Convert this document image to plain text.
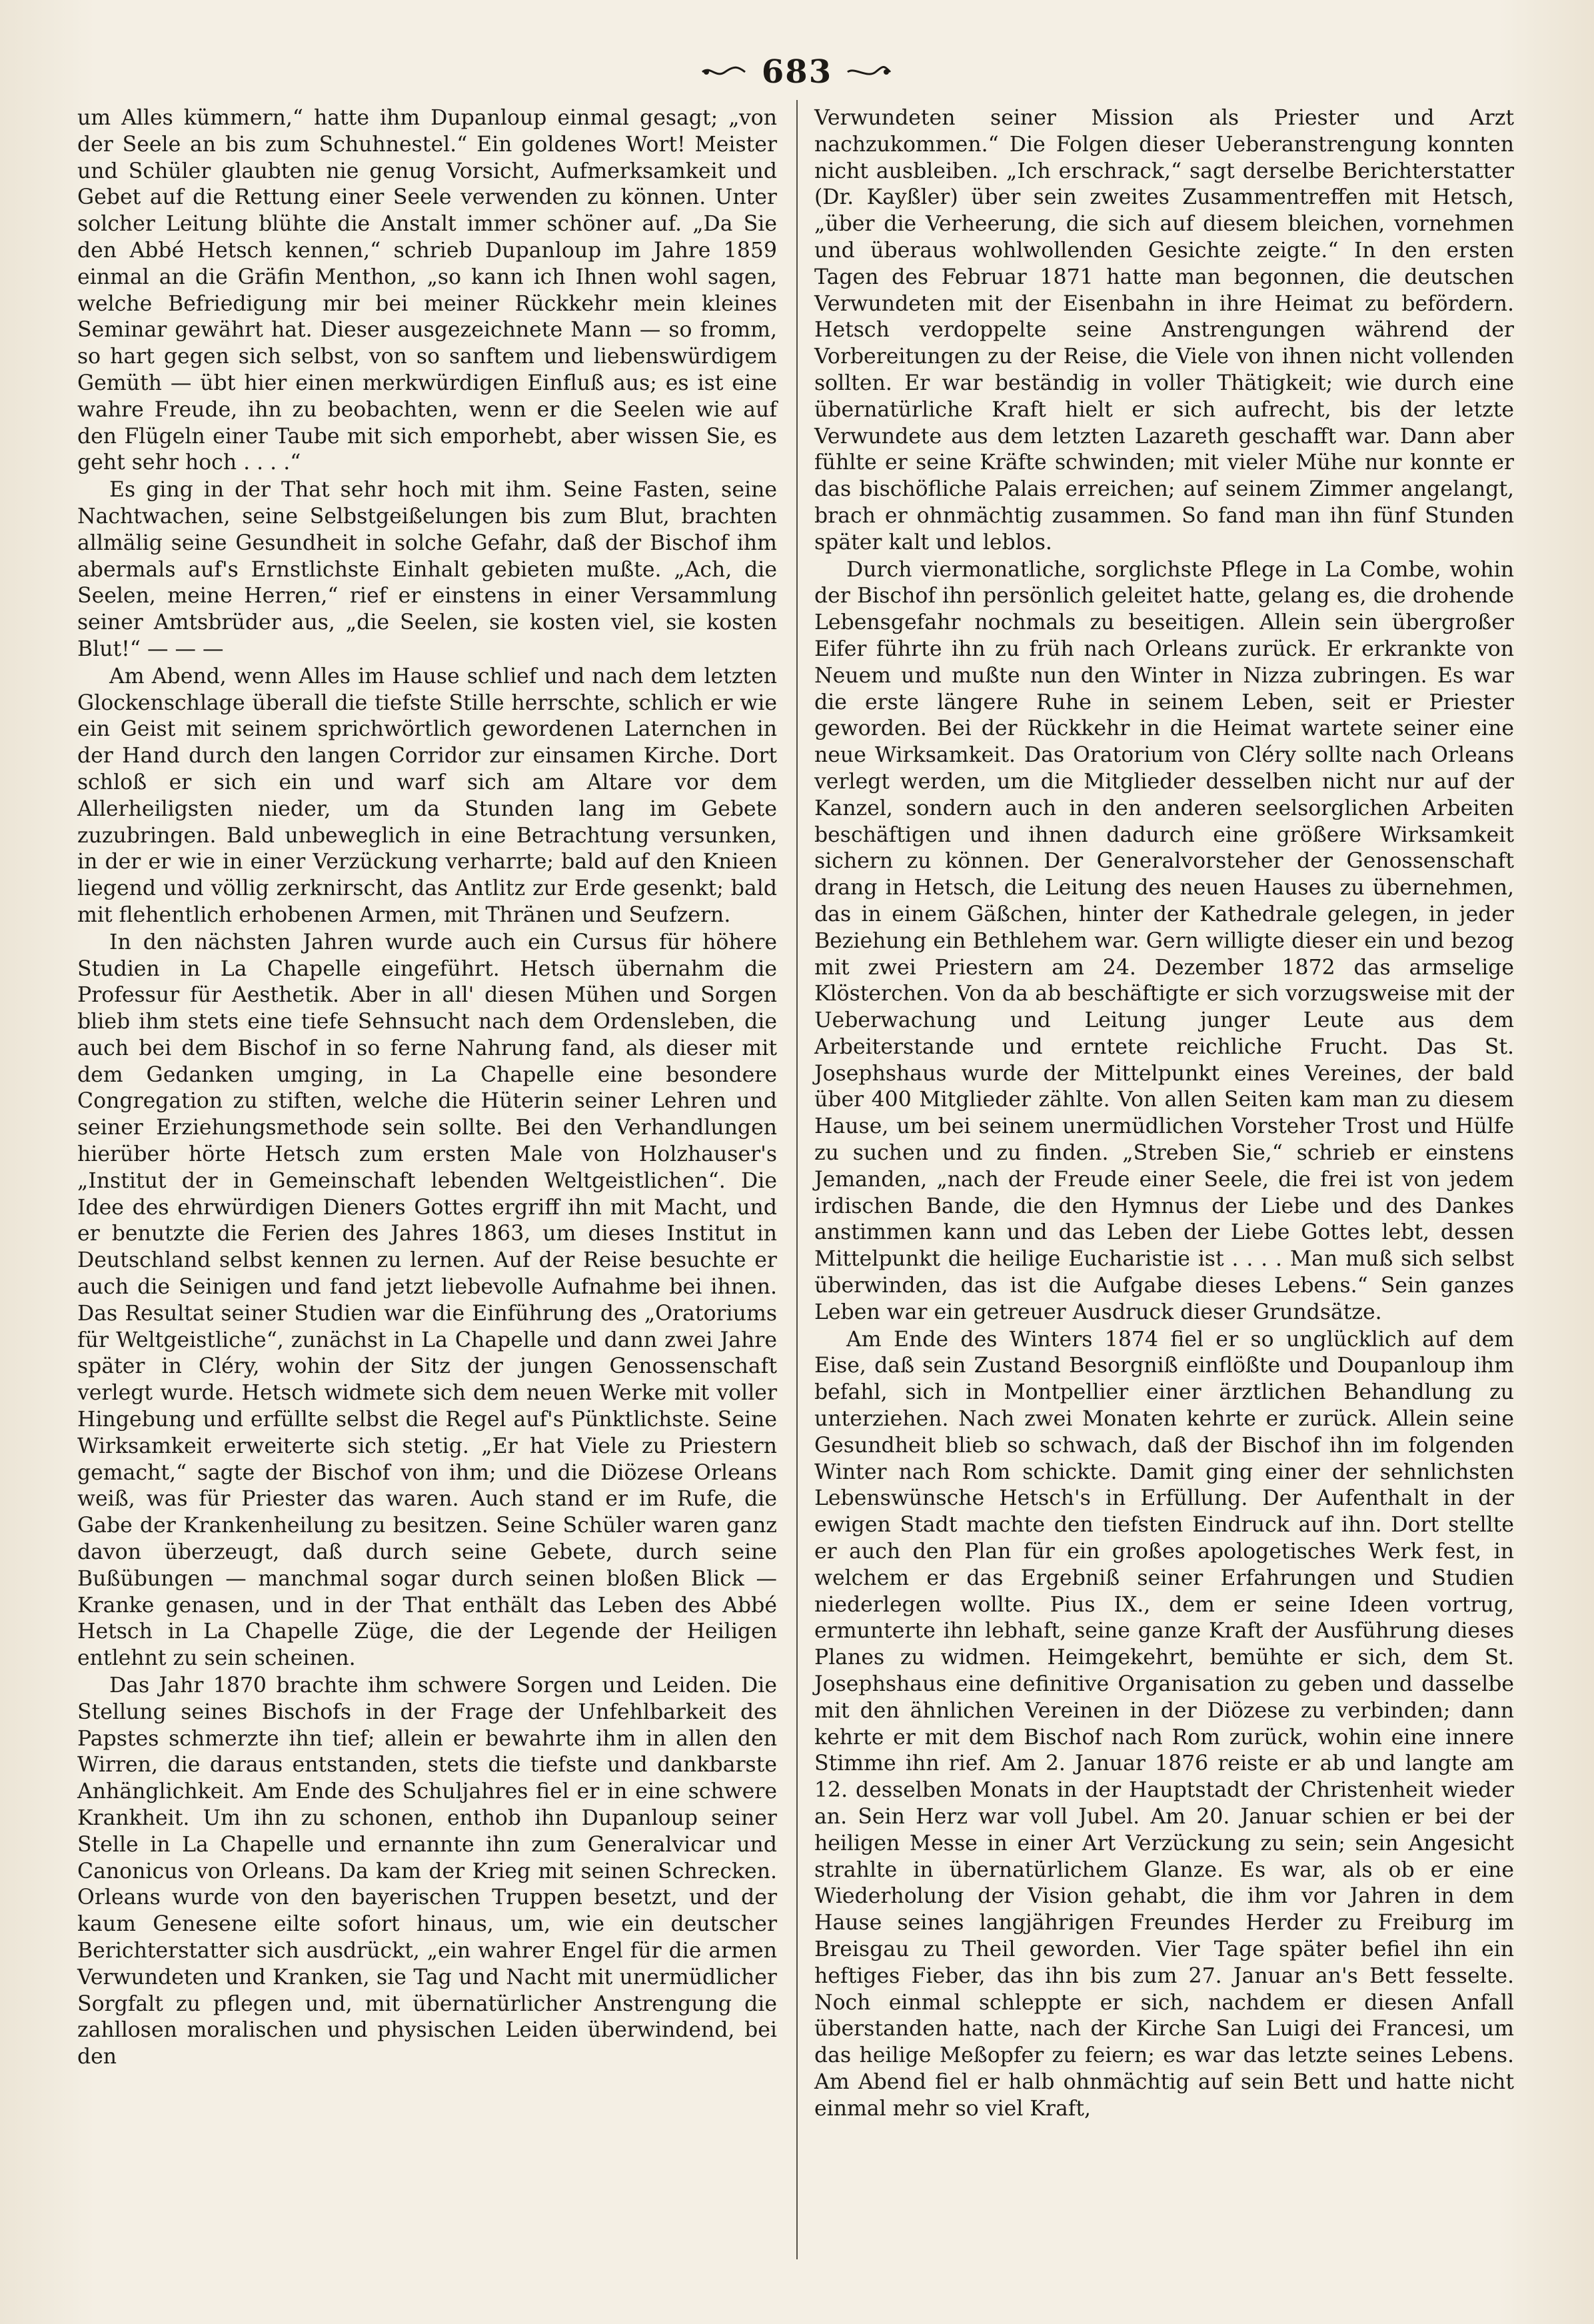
683

um Alles kümmern,“ hatte ihm Dupanloup einmal gesagt; „von der Seele an bis zum Schuhnestel.“ Ein goldenes Wort! Meister und Schüler glaubten nie genug Vorsicht, Aufmerksamkeit und Gebet auf die Rettung einer Seele verwenden zu können. Unter solcher Leitung blühte die Anstalt immer schöner auf. „Da Sie den Abbé Hetsch kennen,“ schrieb Dupanloup im Jahre 1859 einmal an die Gräfin Menthon, „so kann ich Ihnen wohl sagen, welche Befriedigung mir bei meiner Rückkehr mein kleines Seminar gewährt hat. Dieser ausgezeichnete Mann — so fromm, so hart gegen sich selbst, von so sanftem und liebenswürdigem Gemüth — übt hier einen merkwürdigen Einfluß aus; es ist eine wahre Freude, ihn zu beobachten, wenn er die Seelen wie auf den Flügeln einer Taube mit sich emporhebt, aber wissen Sie, es geht sehr hoch . . . .“

Es ging in der That sehr hoch mit ihm. Seine Fasten, seine Nachtwachen, seine Selbstgeißelungen bis zum Blut, brachten allmälig seine Gesundheit in solche Gefahr, daß der Bischof ihm abermals auf's Ernstlichste Einhalt gebieten mußte. „Ach, die Seelen, meine Herren,“ rief er einstens in einer Versammlung seiner Amtsbrüder aus, „die Seelen, sie kosten viel, sie kosten Blut!“ — — —

Am Abend, wenn Alles im Hause schlief und nach dem letzten Glockenschlage überall die tiefste Stille herrschte, schlich er wie ein Geist mit seinem sprichwörtlich gewordenen Laternchen in der Hand durch den langen Corridor zur einsamen Kirche. Dort schloß er sich ein und warf sich am Altare vor dem Allerheiligsten nieder, um da Stunden lang im Gebete zuzubringen. Bald unbeweglich in eine Betrachtung versunken, in der er wie in einer Verzückung verharrte; bald auf den Knieen liegend und völlig zerknirscht, das Antlitz zur Erde gesenkt; bald mit flehentlich erhobenen Armen, mit Thränen und Seufzern.

In den nächsten Jahren wurde auch ein Cursus für höhere Studien in La Chapelle eingeführt. Hetsch übernahm die Professur für Aesthetik. Aber in all' diesen Mühen und Sorgen blieb ihm stets eine tiefe Sehnsucht nach dem Ordensleben, die auch bei dem Bischof in so ferne Nahrung fand, als dieser mit dem Gedanken umging, in La Chapelle eine besondere Congregation zu stiften, welche die Hüterin seiner Lehren und seiner Erziehungsmethode sein sollte. Bei den Verhandlungen hierüber hörte Hetsch zum ersten Male von Holzhauser's „Institut der in Gemeinschaft lebenden Weltgeistlichen“. Die Idee des ehrwürdigen Dieners Gottes ergriff ihn mit Macht, und er benutzte die Ferien des Jahres 1863, um dieses Institut in Deutschland selbst kennen zu lernen. Auf der Reise besuchte er auch die Seinigen und fand jetzt liebevolle Aufnahme bei ihnen. Das Resultat seiner Studien war die Einführung des „Oratoriums für Weltgeistliche“, zunächst in La Chapelle und dann zwei Jahre später in Cléry, wohin der Sitz der jungen Genossenschaft verlegt wurde. Hetsch widmete sich dem neuen Werke mit voller Hingebung und erfüllte selbst die Regel auf's Pünktlichste. Seine Wirksamkeit erweiterte sich stetig. „Er hat Viele zu Priestern gemacht,“ sagte der Bischof von ihm; und die Diözese Orleans weiß, was für Priester das waren. Auch stand er im Rufe, die Gabe der Krankenheilung zu besitzen. Seine Schüler waren ganz davon überzeugt, daß durch seine Gebete, durch seine Bußübungen — manchmal sogar durch seinen bloßen Blick — Kranke genasen, und in der That enthält das Leben des Abbé Hetsch in La Chapelle Züge, die der Legende der Heiligen entlehnt zu sein scheinen.

Das Jahr 1870 brachte ihm schwere Sorgen und Leiden. Die Stellung seines Bischofs in der Frage der Unfehlbarkeit des Papstes schmerzte ihn tief; allein er bewahrte ihm in allen den Wirren, die daraus entstanden, stets die tiefste und dankbarste Anhänglichkeit. Am Ende des Schuljahres fiel er in eine schwere Krankheit. Um ihn zu schonen, enthob ihn Dupanloup seiner Stelle in La Chapelle und ernannte ihn zum Generalvicar und Canonicus von Orleans. Da kam der Krieg mit seinen Schrecken. Orleans wurde von den bayerischen Truppen besetzt, und der kaum Genesene eilte sofort hinaus, um, wie ein deutscher Berichterstatter sich ausdrückt, „ein wahrer Engel für die armen Verwundeten und Kranken, sie Tag und Nacht mit unermüdlicher Sorgfalt zu pflegen und, mit übernatürlicher Anstrengung die zahllosen moralischen und physischen Leiden überwindend, bei den

Verwundeten seiner Mission als Priester und Arzt nachzukommen.“ Die Folgen dieser Ueberanstrengung konnten nicht ausbleiben. „Ich erschrack,“ sagt derselbe Berichterstatter (Dr. Kayßler) über sein zweites Zusammentreffen mit Hetsch, „über die Verheerung, die sich auf diesem bleichen, vornehmen und überaus wohlwollenden Gesichte zeigte.“ In den ersten Tagen des Februar 1871 hatte man begonnen, die deutschen Verwundeten mit der Eisenbahn in ihre Heimat zu befördern. Hetsch verdoppelte seine Anstrengungen während der Vorbereitungen zu der Reise, die Viele von ihnen nicht vollenden sollten. Er war beständig in voller Thätigkeit; wie durch eine übernatürliche Kraft hielt er sich aufrecht, bis der letzte Verwundete aus dem letzten Lazareth geschafft war. Dann aber fühlte er seine Kräfte schwinden; mit vieler Mühe nur konnte er das bischöfliche Palais erreichen; auf seinem Zimmer angelangt, brach er ohnmächtig zusammen. So fand man ihn fünf Stunden später kalt und leblos.

Durch viermonatliche, sorglichste Pflege in La Combe, wohin der Bischof ihn persönlich geleitet hatte, gelang es, die drohende Lebensgefahr nochmals zu beseitigen. Allein sein übergroßer Eifer führte ihn zu früh nach Orleans zurück. Er erkrankte von Neuem und mußte nun den Winter in Nizza zubringen. Es war die erste längere Ruhe in seinem Leben, seit er Priester geworden. Bei der Rückkehr in die Heimat wartete seiner eine neue Wirksamkeit. Das Oratorium von Cléry sollte nach Orleans verlegt werden, um die Mitglieder desselben nicht nur auf der Kanzel, sondern auch in den anderen seelsorglichen Arbeiten beschäftigen und ihnen dadurch eine größere Wirksamkeit sichern zu können. Der Generalvorsteher der Genossenschaft drang in Hetsch, die Leitung des neuen Hauses zu übernehmen, das in einem Gäßchen, hinter der Kathedrale gelegen, in jeder Beziehung ein Bethlehem war. Gern willigte dieser ein und bezog mit zwei Priestern am 24. Dezember 1872 das armselige Klösterchen. Von da ab beschäftigte er sich vorzugsweise mit der Ueberwachung und Leitung junger Leute aus dem Arbeiterstande und erntete reichliche Frucht. Das St. Josephshaus wurde der Mittelpunkt eines Vereines, der bald über 400 Mitglieder zählte. Von allen Seiten kam man zu diesem Hause, um bei seinem unermüdlichen Vorsteher Trost und Hülfe zu suchen und zu finden. „Streben Sie,“ schrieb er einstens Jemanden, „nach der Freude einer Seele, die frei ist von jedem irdischen Bande, die den Hymnus der Liebe und des Dankes anstimmen kann und das Leben der Liebe Gottes lebt, dessen Mittelpunkt die heilige Eucharistie ist . . . . Man muß sich selbst überwinden, das ist die Aufgabe dieses Lebens.“ Sein ganzes Leben war ein getreuer Ausdruck dieser Grundsätze.

Am Ende des Winters 1874 fiel er so unglücklich auf dem Eise, daß sein Zustand Besorgniß einflößte und Doupanloup ihm befahl, sich in Montpellier einer ärztlichen Behandlung zu unterziehen. Nach zwei Monaten kehrte er zurück. Allein seine Gesundheit blieb so schwach, daß der Bischof ihn im folgenden Winter nach Rom schickte. Damit ging einer der sehnlichsten Lebenswünsche Hetsch's in Erfüllung. Der Aufenthalt in der ewigen Stadt machte den tiefsten Eindruck auf ihn. Dort stellte er auch den Plan für ein großes apologetisches Werk fest, in welchem er das Ergebniß seiner Erfahrungen und Studien niederlegen wollte. Pius IX., dem er seine Ideen vortrug, ermunterte ihn lebhaft, seine ganze Kraft der Ausführung dieses Planes zu widmen. Heimgekehrt, bemühte er sich, dem St. Josephshaus eine definitive Organisation zu geben und dasselbe mit den ähnlichen Vereinen in der Diözese zu verbinden; dann kehrte er mit dem Bischof nach Rom zurück, wohin eine innere Stimme ihn rief. Am 2. Januar 1876 reiste er ab und langte am 12. desselben Monats in der Hauptstadt der Christenheit wieder an. Sein Herz war voll Jubel. Am 20. Januar schien er bei der heiligen Messe in einer Art Verzückung zu sein; sein Angesicht strahlte in übernatürlichem Glanze. Es war, als ob er eine Wiederholung der Vision gehabt, die ihm vor Jahren in dem Hause seines langjährigen Freundes Herder zu Freiburg im Breisgau zu Theil geworden. Vier Tage später befiel ihn ein heftiges Fieber, das ihn bis zum 27. Januar an's Bett fesselte. Noch einmal schleppte er sich, nachdem er diesen Anfall überstanden hatte, nach der Kirche San Luigi dei Francesi, um das heilige Meßopfer zu feiern; es war das letzte seines Lebens. Am Abend fiel er halb ohnmächtig auf sein Bett und hatte nicht einmal mehr so viel Kraft,
